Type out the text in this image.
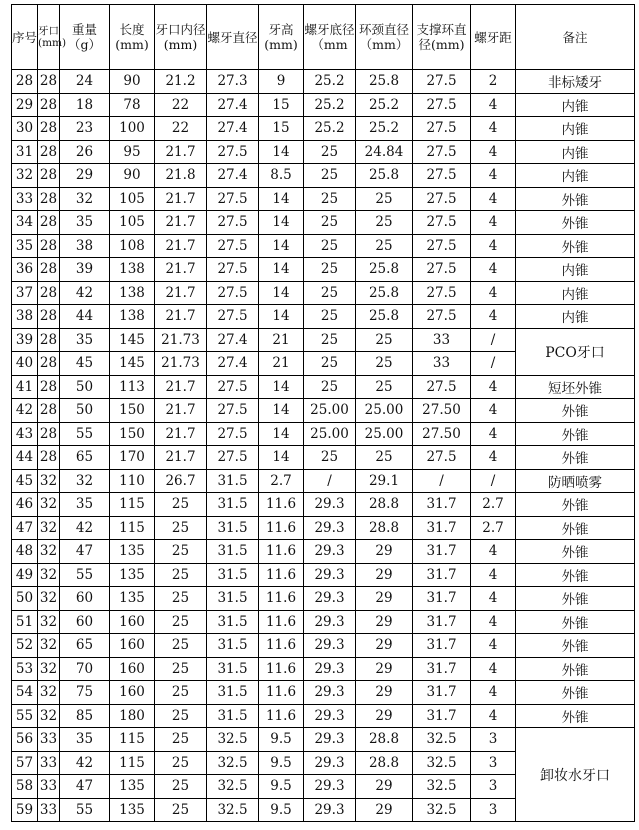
序号	牙口(mm)	重量（g）	长度(mm)	牙口内径(mm)	螺牙直径	牙高(mm)	螺牙底径（mm	环颈直径（mm）	支撑环直径(mm)	螺牙距	备注
28	28	24	90	21.2	27.3	9	25.2	25.8	27.5	2	非标矮牙
29	28	18	78	22	27.4	15	25.2	25.2	27.5	4	内锥
30	28	23	100	22	27.4	15	25.2	25.2	27.5	4	内锥
31	28	26	95	21.7	27.5	14	25	24.84	27.5	4	内锥
32	28	29	90	21.8	27.4	8.5	25	25.8	27.5	4	内锥
33	28	32	105	21.7	27.5	14	25	25	27.5	4	外锥
34	28	35	105	21.7	27.5	14	25	25	27.5	4	外锥
35	28	38	108	21.7	27.5	14	25	25	27.5	4	外锥
36	28	39	138	21.7	27.5	14	25	25.8	27.5	4	内锥
37	28	42	138	21.7	27.5	14	25	25.8	27.5	4	内锥
38	28	44	138	21.7	27.5	14	25	25.8	27.5	4	内锥
39	28	35	145	21.73	27.4	21	25	25	33	/	PCO牙口
40	28	45	145	21.73	27.4	21	25	25	33	/	
41	28	50	113	21.7	27.5	14	25	25	27.5	4	短坯外锥
42	28	50	150	21.7	27.5	14	25.00	25.00	27.50	4	外锥
43	28	55	150	21.7	27.5	14	25.00	25.00	27.50	4	外锥
44	28	65	170	21.7	27.5	14	25	25	27.5	4	外锥
45	32	32	110	26.7	31.5	2.7	/	29.1	/	/	防晒喷雾
46	32	35	115	25	31.5	11.6	29.3	28.8	31.7	2.7	外锥
47	32	42	115	25	31.5	11.6	29.3	28.8	31.7	2.7	外锥
48	32	47	135	25	31.5	11.6	29.3	29	31.7	4	外锥
49	32	55	135	25	31.5	11.6	29.3	29	31.7	4	外锥
50	32	60	135	25	31.5	11.6	29.3	29	31.7	4	外锥
51	32	60	160	25	31.5	11.6	29.3	29	31.7	4	外锥
52	32	65	160	25	31.5	11.6	29.3	29	31.7	4	外锥
53	32	70	160	25	31.5	11.6	29.3	29	31.7	4	外锥
54	32	75	160	25	31.5	11.6	29.3	29	31.7	4	外锥
55	32	85	180	25	31.5	11.6	29.3	29	31.7	4	外锥
56	33	35	115	25	32.5	9.5	29.3	28.8	32.5	3	卸妆水牙口
57	33	42	115	25	32.5	9.5	29.3	28.8	32.5	3	
58	33	47	135	25	32.5	9.5	29.3	29	32.5	3	
59	33	55	135	25	32.5	9.5	29.3	29	32.5	3	
